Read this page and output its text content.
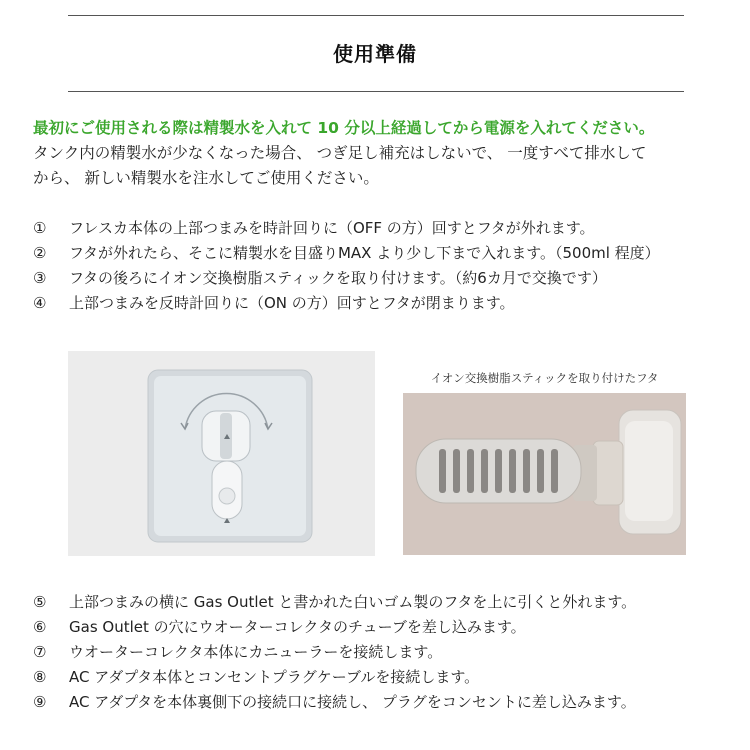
使用準備
最初にご使用される際は精製水を入れて 10 分以上経過してから電源を入れてください。
タンク内の精製水が少なくなった場合、 つぎ足し補充はしないで、 一度すべて排水して
から、 新しい精製水を注水してご使用ください。
①	フレスカ本体の上部つまみを時計回りに（OFF の方）回すとフタが外れます。
②	フタが外れたら、そこに精製水を目盛りMAX より少し下まで入れます。（500ml 程度）
③	フタの後ろにイオン交換樹脂スティックを取り付けます。（約6カ月で交換です）
④	上部つまみを反時計回りに（ON の方）回すとフタが閉まります。
イオン交換樹脂スティックを取り付けたフタ
⑤	上部つまみの横に Gas Outlet と書かれた白いゴム製のフタを上に引くと外れます。
⑥	Gas Outlet の穴にウオーターコレクタのチューブを差し込みます。
⑦	ウオーターコレクタ本体にカニューラーを接続します。
⑧	AC アダプタ本体とコンセントプラグケーブルを接続します。
⑨	AC アダプタを本体裏側下の接続口に接続し、 プラグをコンセントに差し込みます。
